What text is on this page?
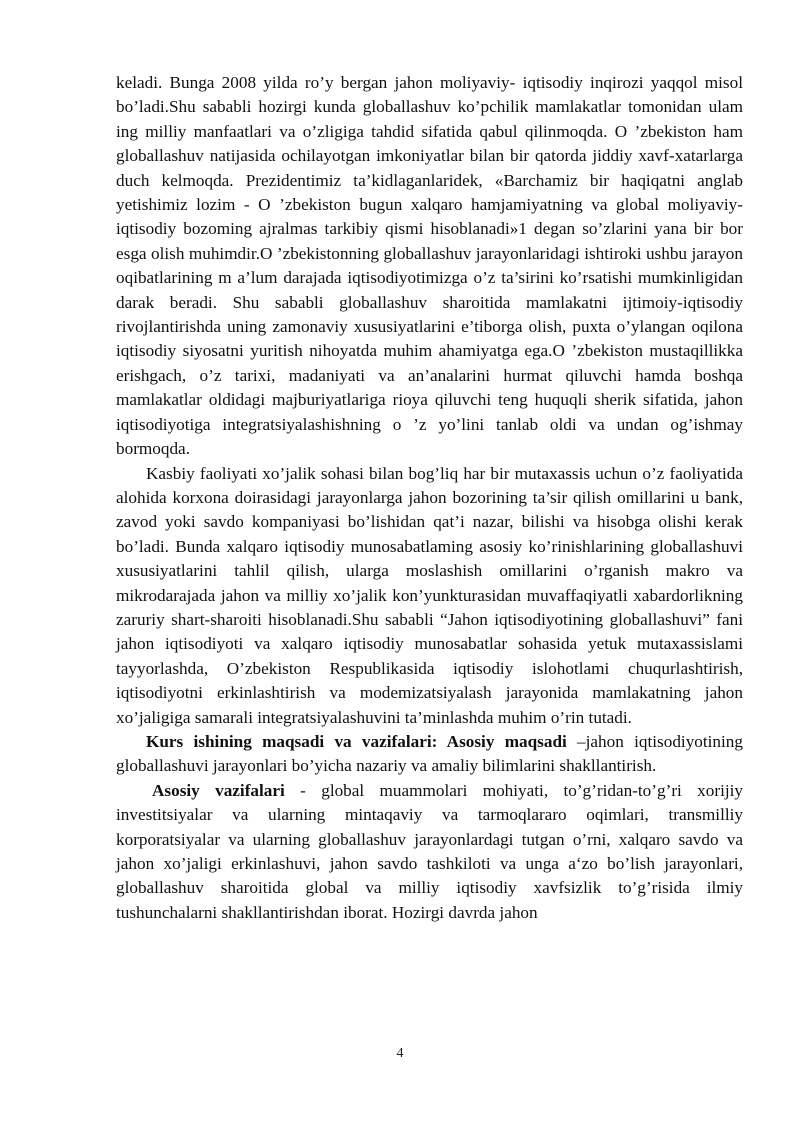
keladi. Bunga 2008 yilda ro’y bergan jahon moliyaviy- iqtisodiy inqirozi yaqqol misol bo’ladi.Shu sababli hozirgi kunda globallashuv ko’pchilik mamlakatlar tomonidan ulam ing milliy manfaatlari va o’zligiga tahdid sifatida qabul qilinmoqda. O ’zbekiston ham globallashuv natijasida ochilayotgan imkoniyatlar bilan bir qatorda jiddiy xavf-xatarlarga duch kelmoqda. Prezidentimiz ta’kidlaganlaridek, «Barchamiz bir haqiqatni anglab yetishimiz lozim - O ’zbekiston bugun xalqaro hamjamiyatning va global moliyaviy- iqtisodiy bozoming ajralmas tarkibiy qismi hisoblanadi»1 degan so’zlarini yana bir bor esga olish muhimdir.O ’zbekistonning globallashuv jarayonlaridagi ishtiroki ushbu jarayon oqibatlarining m a’lum darajada iqtisodiyotimizga o’z ta’sirini ko’rsatishi mumkinligidan darak beradi. Shu sababli globallashuv sharoitida mamlakatni ijtimoiy-iqtisodiy rivojlantirishda uning zamonaviy xususiyatlarini e’tiborga olish, puxta o’ylangan oqilona iqtisodiy siyosatni yuritish nihoyatda muhim ahamiyatga ega.O ’zbekiston mustaqillikka erishgach, o’z tarixi, madaniyati va an’analarini hurmat qiluvchi hamda boshqa mamlakatlar oldidagi majburiyatlariga rioya qiluvchi teng huquqli sherik sifatida, jahon iqtisodiyotiga integratsiyalashishning o ’z yo’lini tanlab oldi va undan og’ishmay bormoqda.

Kasbiy faoliyati xo’jalik sohasi bilan bog’liq har bir mutaxassis uchun o’z faoliyatida alohida korxona doirasidagi jarayonlarga jahon bozorining ta’sir qilish omillarini u bank, zavod yoki savdo kompaniyasi bo’lishidan qat’i nazar, bilishi va hisobga olishi kerak bo’ladi. Bunda xalqaro iqtisodiy munosabatlaming asosiy ko’rinishlarining globallashuvi xususiyatlarini tahlil qilish, ularga moslashish omillarini o’rganish makro va mikrodarajada jahon va milliy xo’jalik kon’yunkturasidan muvaffaqiyatli xabardorlikning zaruriy shart-sharoiti hisoblanadi.Shu sababli “Jahon iqtisodiyotining globallashuvi” fani jahon iqtisodiyoti va xalqaro iqtisodiy munosabatlar sohasida yetuk mutaxassislami tayyorlashda, O’zbekiston Respublikasida iqtisodiy islohotlami chuqurlashtirish, iqtisodiyotni erkinlashtirish va modemizatsiyalash jarayonida mamlakatning jahon xo’jaligiga samarali integratsiyalashuvini ta’minlashda muhim o’rin tutadi.

Kurs ishining maqsadi va vazifalari: Asosiy maqsadi –jahon iqtisodiyotining globallashuvi jarayonlari bo’yicha nazariy va amaliy bilimlarini shakllantirish.

Asosiy vazifalari - global muammolari mohiyati, to’g’ridan-to’g’ri xorijiy investitsiyalar va ularning mintaqaviy va tarmoqlararo oqimlari, transmilliy korporatsiyalar va ularning globallashuv jarayonlardagi tutgan o’rni, xalqaro savdo va jahon xo’jaligi erkinlashuvi, jahon savdo tashkiloti va unga a‘zo bo’lish jarayonlari, globallashuv sharoitida global va milliy iqtisodiy xavfsizlik to’g’risida ilmiy tushunchalarni shakllantirishdan iborat. Hozirgi davrda jahon

4
